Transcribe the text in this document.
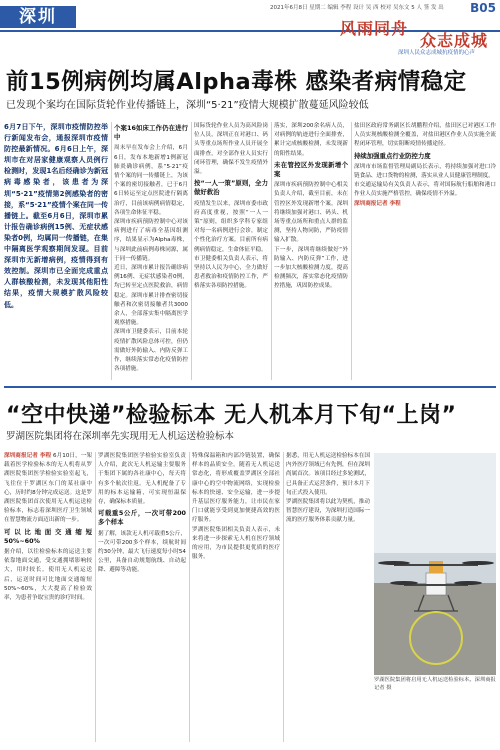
深圳	2021年6月8日 星期二 编辑 李程 设计 吴 西 校对 吴东文 5 人 签 发 出 B05
风雨同舟
众志成城
深圳人民众志成城抗疫情的心声
前15例病例均属Alpha毒株 感染者病情稳定
已发现个案均在国际货轮作业传播链上，深圳“5·21”疫情大规模扩散蔓延风险较低
6月7日下午，深圳市疫情防控举行新闻发布会，通报深圳市疫情防控最新情况。6月6日上午，深圳市在对居家健康观察人员例行检测时，发现1名后经确诊为新冠病毒感染者，该患者为深圳“5·21”疫情第2例感染者的密接，系“5·21”疫情个案在同一传播链上。截至6月6日，深圳市累计报告确诊病例15例、无症状感染者0例，均属同一传播链，在集中隔离医学观察期间发现。目前深圳市无新增病例，疫情得到有效控制。深圳市已全面完成重点人群核酸检测，未发现其他阳性结果，疫情大规模扩散风险较低。
个案16如床工作仍在进行中

周末早在发布会上介绍，6月6日，发布本地新增1例新冠肺炎确诊病例，系“5·21”疫情个案的同一传播链上，为该个案的密切接触者，已于6月6日转运至定点医院进行隔离治疗，目前该病例病情稳定，各项生命体征平稳。

深圳市疾病预防控制中心对该病例进行了病毒全基因组测序，结果显示为Alpha毒株，与深圳此前病例毒株同源，属于同一传播链。

近日，深圳市累计报告确诊病例16例、无症状感染者0例，均已转至定点医院救治，病情稳定。深圳市累计排查密切接触者和次密切接触者共3000余人，全部落实集中隔离医学观察措施。

深圳市卫健委表示，目前本轮疫情扩散风险总体可控，但仍需做好外防输入、内防反弹工作，继续落实常态化疫情防控各项措施。

国际货轮作业人员为高风险岗位人员，深圳正在对港口、码头等重点场所作业人员开展全面排查，对全部作业人员实行闭环管理，确保不发生疫情外溢。

按“一人一策”原则，全力做好救治

疫情发生以来，深圳市委市政府高度重视，按照“一人一策”原则，组织多学科专家组对每一名病例进行会诊，制定个性化治疗方案。目前所有病例病情稳定，生命体征平稳。

市卫健委相关负责人表示，将坚持以人民为中心，全力做好患者救治和疫情防控工作，严格落实各项防控措施。

落实，深圳200余名病人员，对病例的轨迹进行全面排查，累计完成核酸检测，未发现新的阳性结果。

未在管控区外发现新增个案

深圳市疾病预防控制中心相关负责人介绍，截至目前，未在管控区外发现新增个案。深圳将继续加强对港口、码头、机场等重点场所和重点人群的监测，坚持人物同防，严防疫情输入扩散。

下一步，深圳将继续做好“外防输入、内防反弹”工作，进一步加大核酸检测力度，提高检测频次，落实常态化疫情防控措施，巩固防控成果。

盐田区政府常务副区长胡鹏程介绍，盐田区已对港区工作人员实现核酸检测全覆盖，对盐田港区作业人员实施全流程闭环管理，切实阻断疫情传播途径。

持续加强重点行业防控力度

深圳市市场监督管理局副局长表示，将持续加强对进口冷链食品、进口货物的检测，落实从业人员健康管理制度。

市交通运输局有关负责人表示，将对国际航行船舶和港口作业人员实施严格管控，确保疫情不外溢。

深圳商报记者 李程

“空中快递”检验标本 无人机本月下旬“上岗”
罗湖医院集团将在深圳率先实现用无人机运送检验标本
深圳商报记者 李程 6月10日，一架载着医学检验标本的无人机将从罗湖医院集团医学检验实验室起飞，飞往位于罗湖区东门的某社康中心，历时约8分钟完成运送。这是罗湖医院集团首次使用无人机运送检验标本，标志着深圳医疗卫生领域在智慧物流方面迈出新的一步。

可以比地面交通缩短50%~60%

据介绍，以往检验标本的运送主要依靠地面交通，受交通拥堵影响较大，用时较长。使用无人机运送后，运送时间可比地面交通缩短50%~60%，大大提高了检验效率，为患者争取宝贵的诊疗时间。

罗湖医院集团医学检验实验室负责人介绍，此次无人机运输主要服务于集团下属的各社康中心，每天将有多个航次往返。无人机配备了专用的标本运输箱，可实现恒温保存，确保标本质量。

可载重5公斤，一次可带200多个样本

据了解，该款无人机可载重5公斤，一次可带200多个样本，续航时间约30分钟，最大飞行速度每小时54公里，具备自动规划航线、自动起降、避障等功能。

特殊保温箱和内部冷链装置，确保样本的品质安全。随着无人机运送常态化，将形成覆盖罗湖区全部社康中心的空中物流网络，实现检验标本的快速、安全运输，进一步提升基层医疗服务能力，让市民在家门口就能享受到更加便捷高效的医疗服务。

罗湖医院集团相关负责人表示，未来将进一步探索无人机在医疗领域的应用，为市民提供更优质的医疗服务。

据悉，用无人机运送检验标本在国内外医疗领域已有先例，但在深圳尚属首次。该项目经过多轮测试，已具备正式运营条件，预计本月下旬正式投入使用。

罗湖医院集团将以此为契机，推动智慧医疗建设，为深圳打造国际一流的医疗服务体系贡献力量。

罗湖医院集团将启用无人机运送检验标本。深圳商报记者 摄
